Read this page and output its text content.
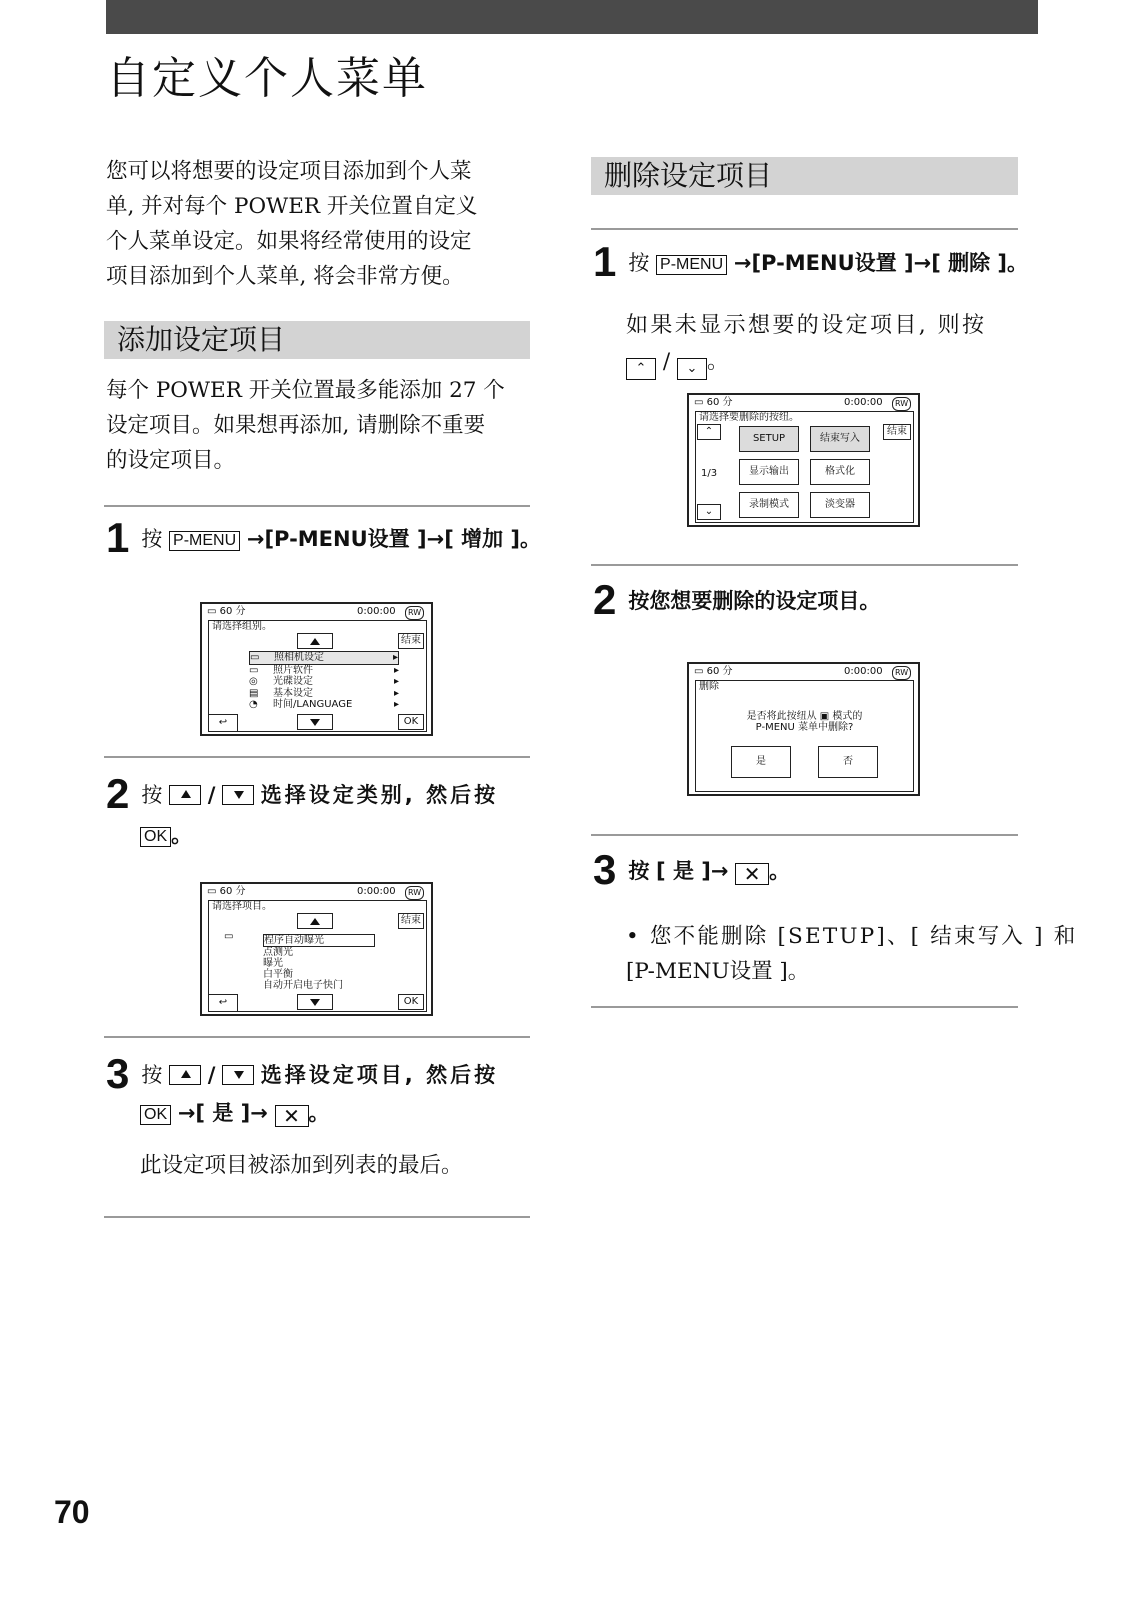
自定义个人菜单
您可以将想要的设定项目添加到个人菜
单, 并对每个 POWER 开关位置自定义
个人菜单设定。如果将经常使用的设定
项目添加到个人菜单, 将会非常方便。
添加设定项目
每个 POWER 开关位置最多能添加 27 个
设定项目。如果想再添加, 请删除不重要
的设定项目。
1 按 P-MENU →[P-MENU设置 ]→[ 增加 ]。
▭ 60 分	0:00:00	RW
请选择组别。
结束
▭ 照相机设定	▸
▭ 照片软件	▸
◎ 光碟设定	▸
▤ 基本设定	▸
◔ 时间/LANGUAGE	▸
↩	OK
2 按 / 选择设定类别, 然后按
OK 。
▭ 60 分	0:00:00	RW
请选择项目。
结束
▭	程序自动曝光
点测光
曝光
白平衡
自动开启电子快门
↩	OK
3 按 / 选择设定项目, 然后按
OK →[ 是 ]→ ✕ 。
此设定项目被添加到列表的最后。
删除设定项目
1 按 P-MENU →[P-MENU设置 ]→[ 删除 ]。
如果未显示想要的设定项目, 则按
⌃ / ⌄ 。
▭ 60 分	0:00:00	RW
请选择要删除的按纽。
⌃
SETUP	结束写入
结束
1/3	显示输出	格式化
⌄
录制模式	淡变器
2 按您想要删除的设定项目。
▭ 60 分	0:00:00	RW
删除
是否将此按纽从 ▣ 模式的
P-MENU 菜单中删除?
是	否
3 按 [ 是 ]→ ✕ 。
• 您不能删除 [SETUP]、[ 结束写入 ] 和
[P-MENU设置 ]。
70
